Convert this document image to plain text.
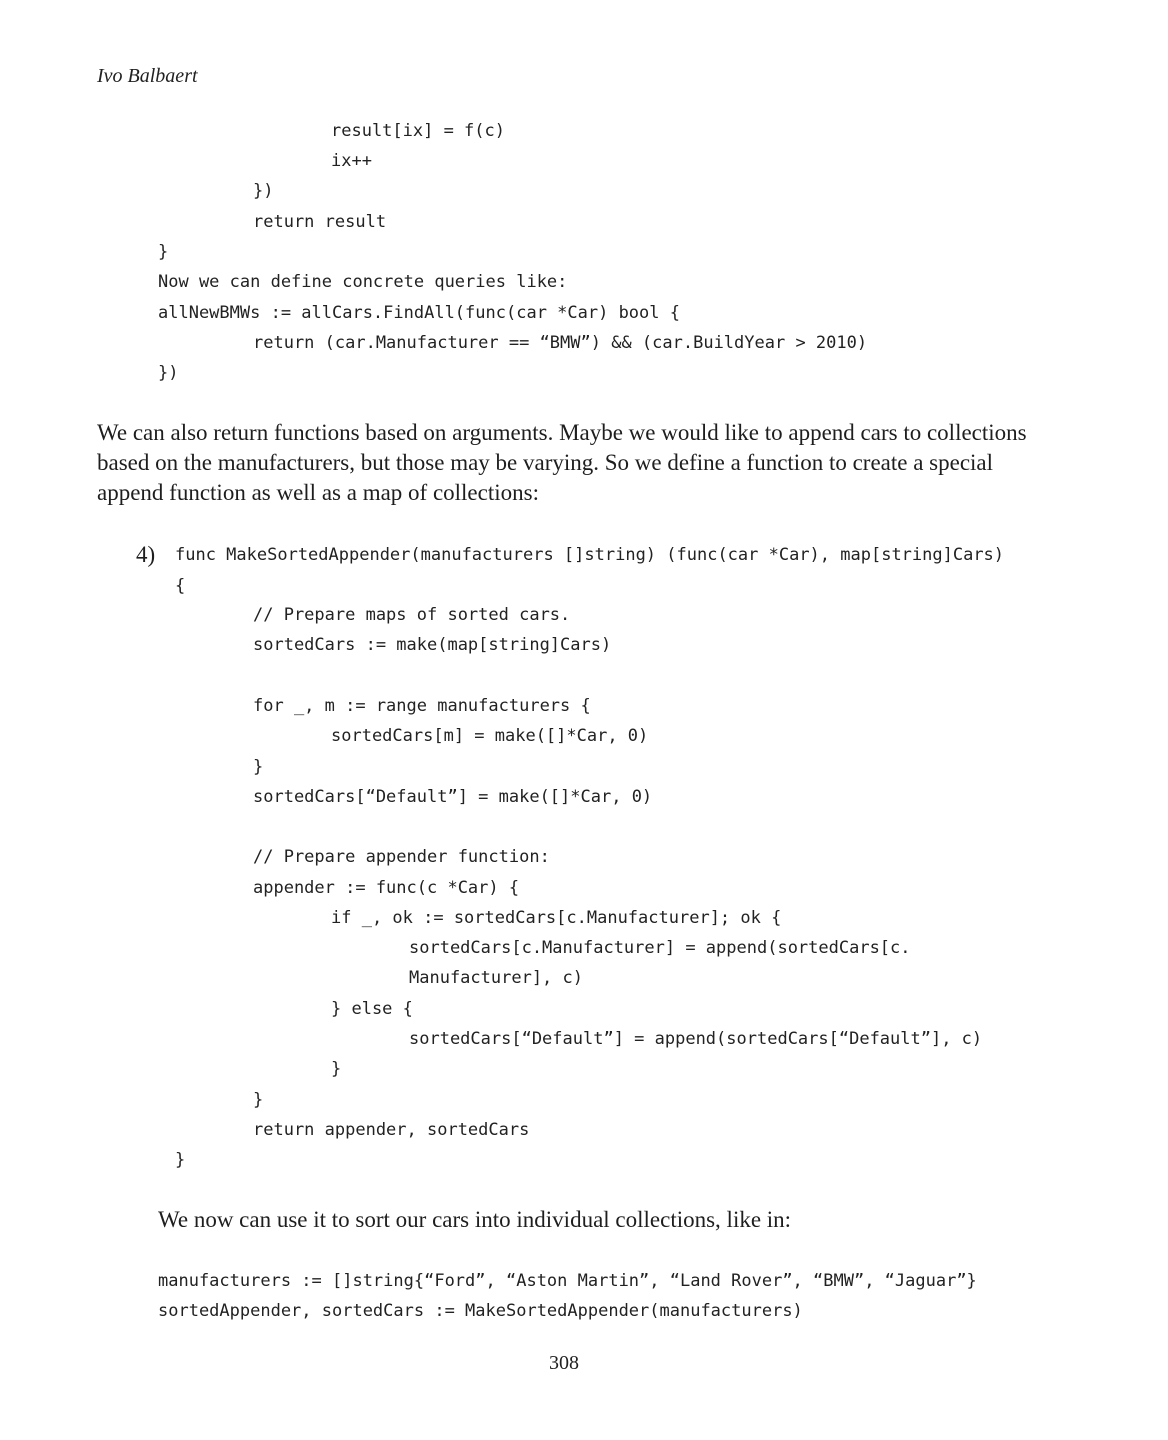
Ivo Balbaert
result[ix] = f(c)
ix++
})
return result
}
Now we can define concrete queries like:
allNewBMWs := allCars.FindAll(func(car *Car) bool {
return (car.Manufacturer == “BMW”) && (car.BuildYear > 2010)
})
We can also return functions based on arguments. Maybe we would like to append cars to collections
based on the manufacturers, but those may be varying. So we define a function to create a special
append function as well as a map of collections:
4) func MakeSortedAppender(manufacturers []string) (func(car *Car), map[string]Cars)
{
// Prepare maps of sorted cars.
sortedCars := make(map[string]Cars)
for _, m := range manufacturers {
sortedCars[m] = make([]*Car, 0)
}
sortedCars[“Default”] = make([]*Car, 0)
// Prepare appender function:
appender := func(c *Car) {
if _, ok := sortedCars[c.Manufacturer]; ok {
sortedCars[c.Manufacturer] = append(sortedCars[c.
Manufacturer], c)
} else {
sortedCars[“Default”] = append(sortedCars[“Default”], c)
}
}
return appender, sortedCars
}
We now can use it to sort our cars into individual collections, like in:
manufacturers := []string{“Ford”, “Aston Martin”, “Land Rover”, “BMW”, “Jaguar”}
sortedAppender, sortedCars := MakeSortedAppender(manufacturers)
308
